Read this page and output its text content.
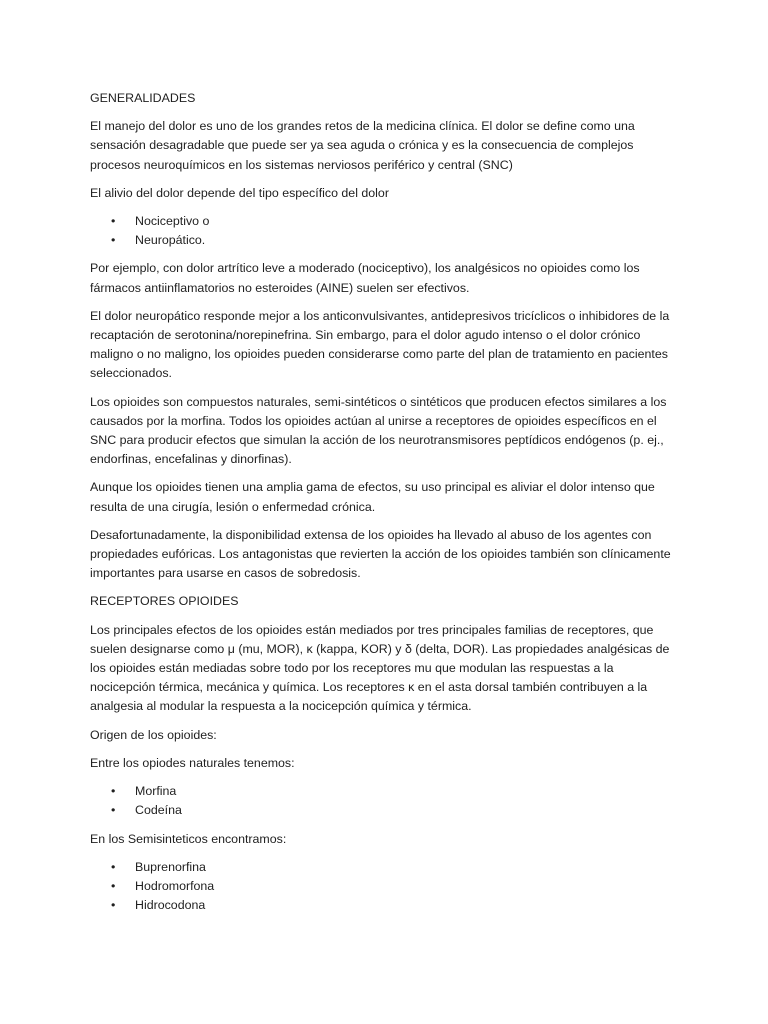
GENERALIDADES

El manejo del dolor es uno de los grandes retos de la medicina clínica. El dolor se define como una sensación desagradable que puede ser ya sea aguda o crónica y es la consecuencia de complejos procesos neuroquímicos en los sistemas nerviosos periférico y central (SNC)

El alivio del dolor depende del tipo específico del dolor

• Nociceptivo o
• Neuropático.

Por ejemplo, con dolor artrítico leve a moderado (nociceptivo), los analgésicos no opioides como los fármacos antiinflamatorios no esteroides (AINE) suelen ser efectivos.

El dolor neuropático responde mejor a los anticonvulsivantes, antidepresivos tricíclicos o inhibidores de la recaptación de serotonina/norepinefrina. Sin embargo, para el dolor agudo intenso o el dolor crónico maligno o no maligno, los opioides pueden considerarse como parte del plan de tratamiento en pacientes seleccionados.

Los opioides son compuestos naturales, semi-sintéticos o sintéticos que producen efectos similares a los causados por la morfina. Todos los opioides actúan al unirse a receptores de opioides específicos en el SNC para producir efectos que simulan la acción de los neurotransmisores peptídicos endógenos (p. ej., endorfinas, encefalinas y dinorfinas).

Aunque los opioides tienen una amplia gama de efectos, su uso principal es aliviar el dolor intenso que resulta de una cirugía, lesión o enfermedad crónica.

Desafortunadamente, la disponibilidad extensa de los opioides ha llevado al abuso de los agentes con propiedades eufóricas. Los antagonistas que revierten la acción de los opioides también son clínicamente importantes para usarse en casos de sobredosis.

RECEPTORES OPIOIDES

Los principales efectos de los opioides están mediados por tres principales familias de receptores, que suelen designarse como μ (mu, MOR), κ (kappa, KOR) y δ (delta, DOR). Las propiedades analgésicas de los opioides están mediadas sobre todo por los receptores mu que modulan las respuestas a la nocicepción térmica, mecánica y química. Los receptores κ en el asta dorsal también contribuyen a la analgesia al modular la respuesta a la nocicepción química y térmica.

Origen de los opioides:

Entre los opiodes naturales tenemos:

• Morfina
• Codeína

En los Semisinteticos encontramos:

• Buprenorfina
• Hodromorfona
• Hidrocodona
